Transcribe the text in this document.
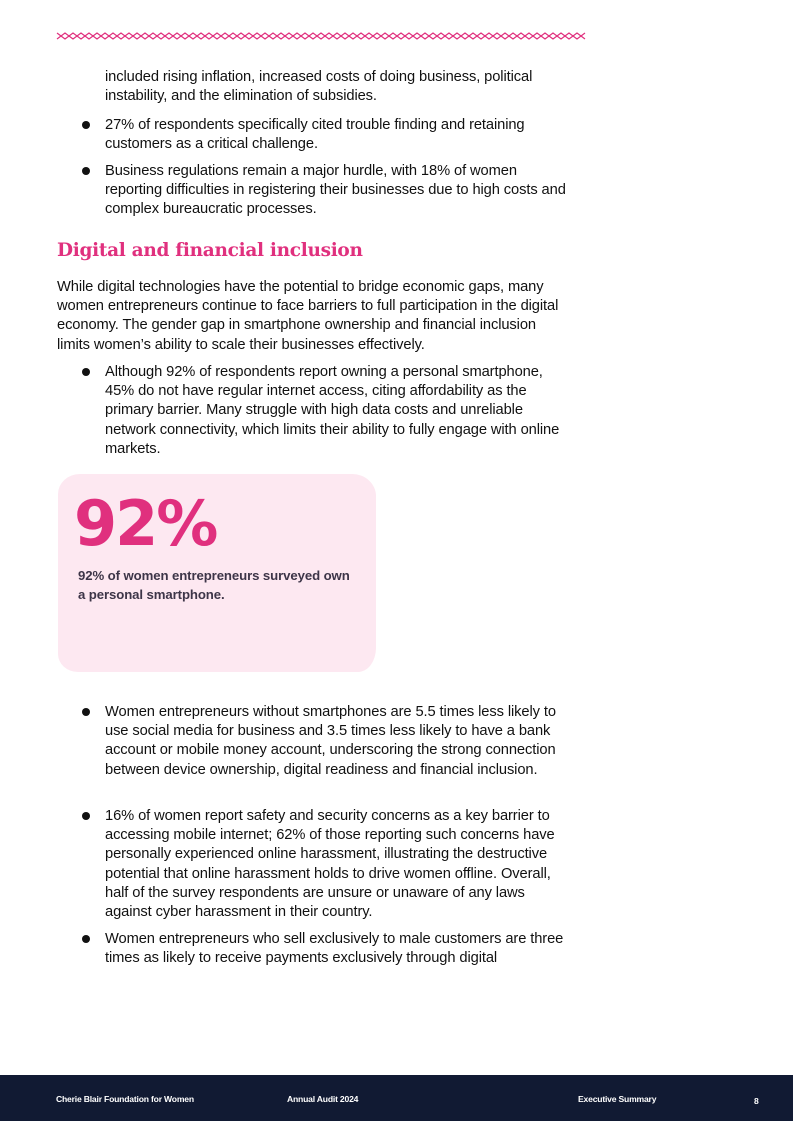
included rising inflation, increased costs of doing business, political instability, and the elimination of subsidies.

27% of respondents specifically cited trouble finding and retaining customers as a critical challenge.

Business regulations remain a major hurdle, with 18% of women reporting difficulties in registering their businesses due to high costs and complex bureaucratic processes.

Digital and financial inclusion

While digital technologies have the potential to bridge economic gaps, many women entrepreneurs continue to face barriers to full participation in the digital economy. The gender gap in smartphone ownership and financial inclusion limits women’s ability to scale their businesses effectively.

Although 92% of respondents report owning a personal smartphone, 45% do not have regular internet access, citing affordability as the primary barrier. Many struggle with high data costs and unreliable network connectivity, which limits their ability to fully engage with online markets.

92%

92% of women entrepreneurs surveyed own a personal smartphone.

Women entrepreneurs without smartphones are 5.5 times less likely to use social media for business and 3.5 times less likely to have a bank account or mobile money account, underscoring the strong connection between device ownership, digital readiness and financial inclusion.

16% of women report safety and security concerns as a key barrier to accessing mobile internet; 62% of those reporting such concerns have personally experienced online harassment, illustrating the destructive potential that online harassment holds to drive women offline. Overall, half of the survey respondents are unsure or unaware of any laws against cyber harassment in their country.

Women entrepreneurs who sell exclusively to male customers are three times as likely to receive payments exclusively through digital

Cherie Blair Foundation for Women	Annual Audit 2024	Executive Summary	8
